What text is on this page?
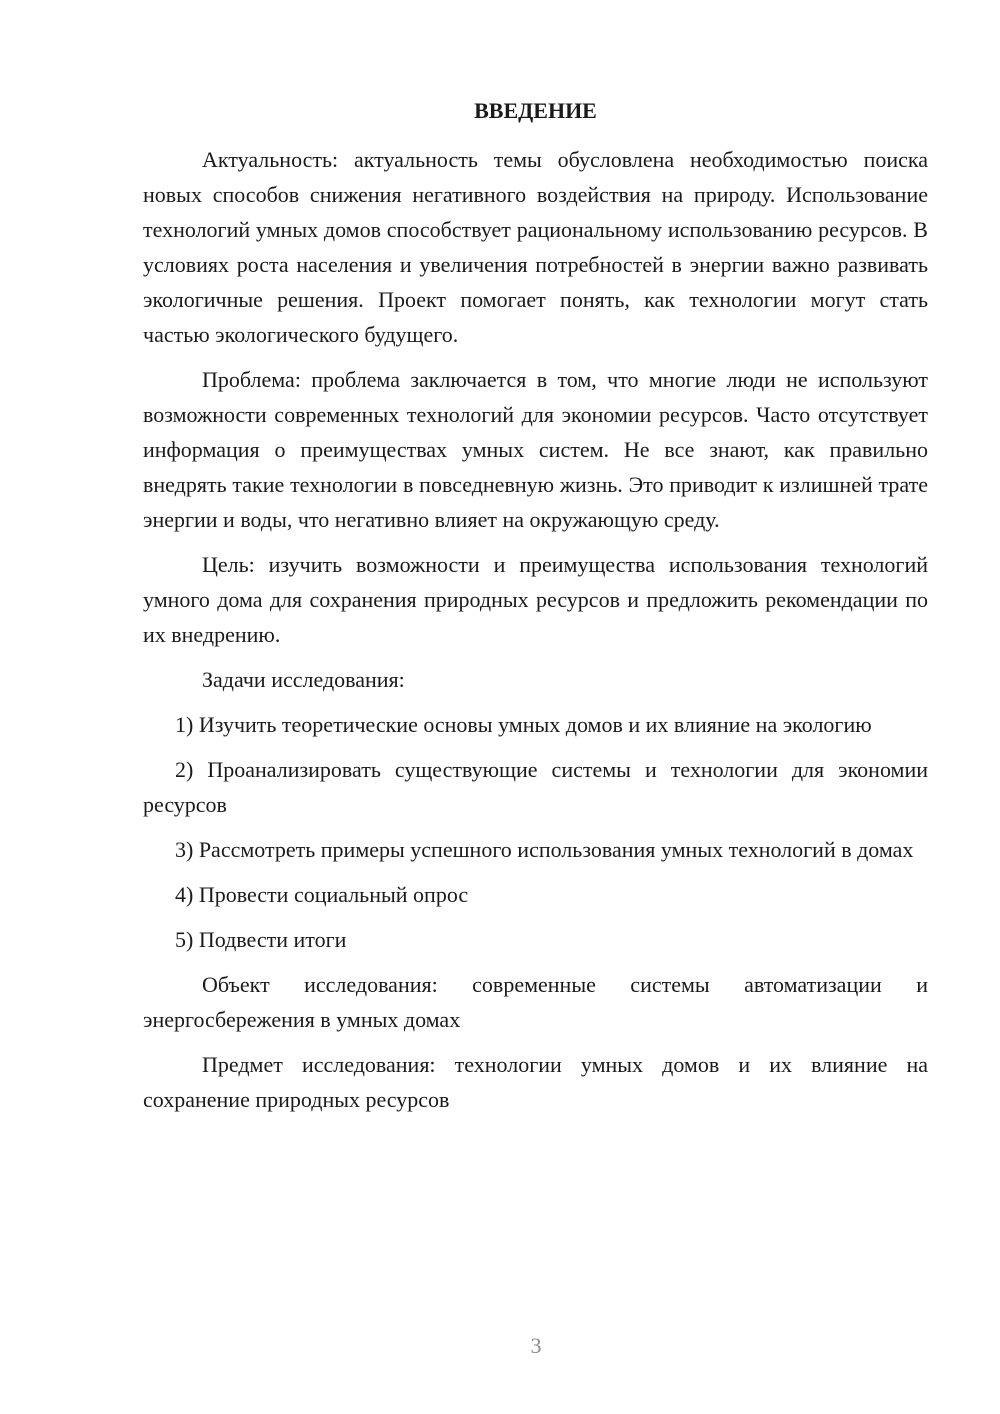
ВВЕДЕНИЕ

Актуальность: актуальность темы обусловлена необходимостью поиска новых способов снижения негативного воздействия на природу. Использование технологий умных домов способствует рациональному использованию ресурсов. В условиях роста населения и увеличения потребностей в энергии важно развивать экологичные решения. Проект помогает понять, как технологии могут стать частью экологического будущего.

Проблема: проблема заключается в том, что многие люди не используют возможности современных технологий для экономии ресурсов. Часто отсутствует информация о преимуществах умных систем. Не все знают, как правильно внедрять такие технологии в повседневную жизнь. Это приводит к излишней трате энергии и воды, что негативно влияет на окружающую среду.

Цель: изучить возможности и преимущества использования технологий умного дома для сохранения природных ресурсов и предложить рекомендации по их внедрению.

Задачи исследования:

1) Изучить теоретические основы умных домов и их влияние на экологию

2) Проанализировать существующие системы и технологии для экономии ресурсов

3) Рассмотреть примеры успешного использования умных технологий в домах

4) Провести социальный опрос

5) Подвести итоги

Объект исследования: современные системы автоматизации и энергосбережения в умных домах

Предмет исследования: технологии умных домов и их влияние на сохранение природных ресурсов

3
